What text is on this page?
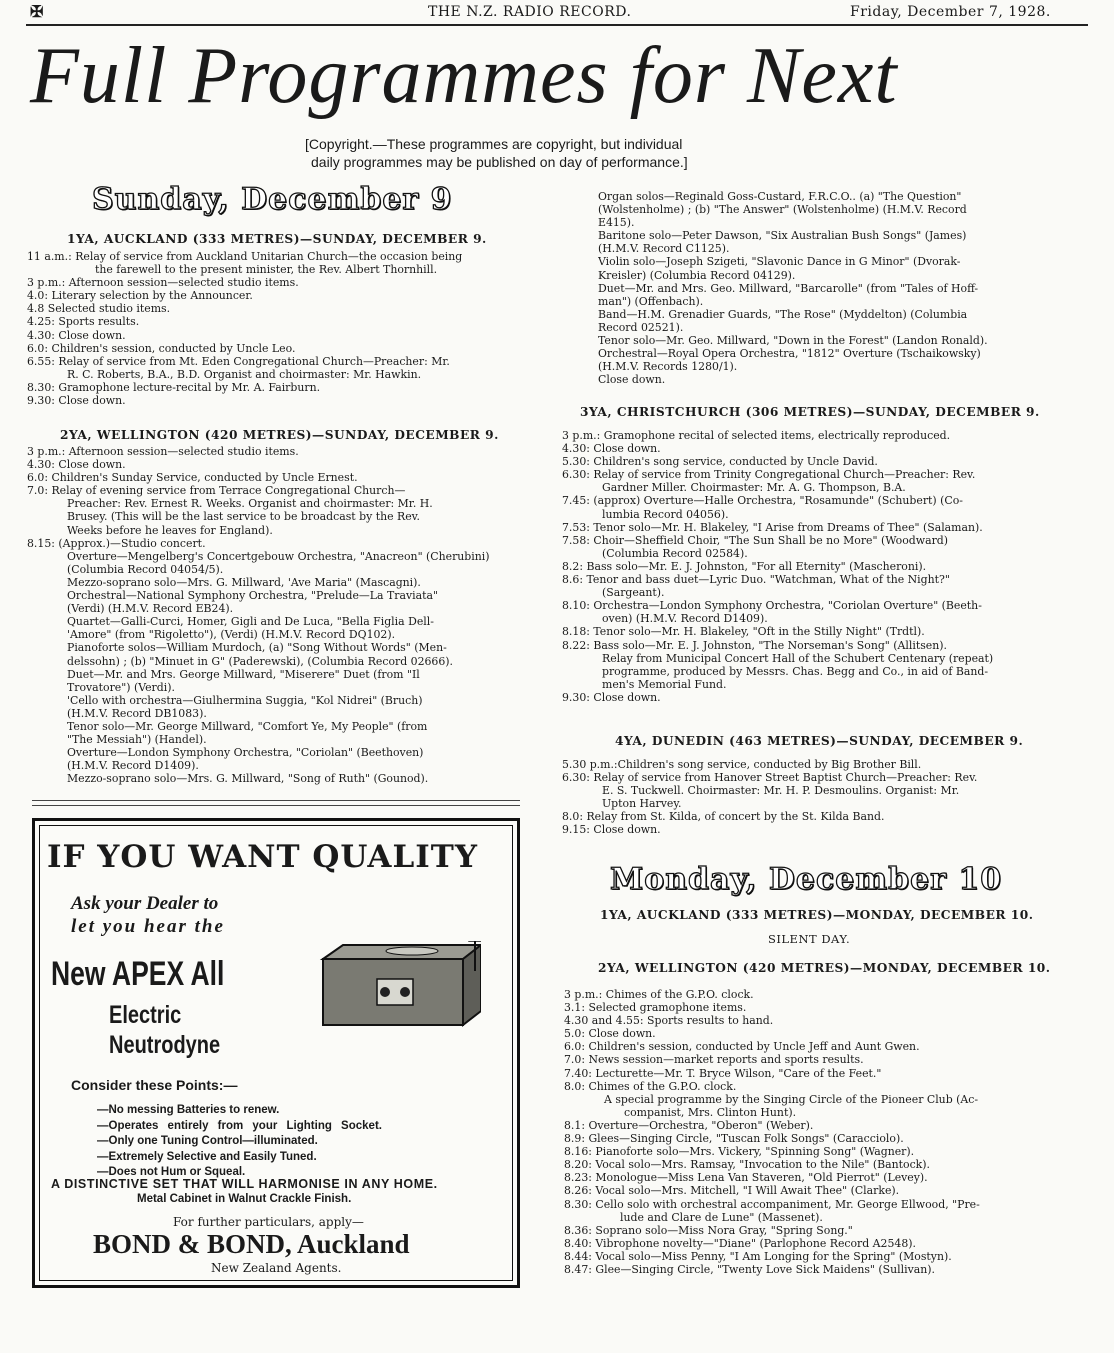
✠	THE N.Z. RADIO RECORD.	Friday, December 7, 1928.
Full Programmes for Next
[Copyright.—These programmes are copyright, but individual
daily programmes may be published on day of performance.]
Sunday, December 9
1YA, AUCKLAND (333 METRES)—SUNDAY, DECEMBER 9.
11 a.m.: Relay of service from Auckland Unitarian Church—the occasion being
the farewell to the present minister, the Rev. Albert Thornhill.
3 p.m.: Afternoon session—selected studio items.
4.0: Literary selection by the Announcer.
4.8 Selected studio items.
4.25: Sports results.
4.30: Close down.
6.0: Children's session, conducted by Uncle Leo.
6.55: Relay of service from Mt. Eden Congregational Church—Preacher: Mr.
R. C. Roberts, B.A., B.D. Organist and choirmaster: Mr. Hawkin.
8.30: Gramophone lecture-recital by Mr. A. Fairburn.
9.30: Close down.
2YA, WELLINGTON (420 METRES)—SUNDAY, DECEMBER 9.
3 p.m.: Afternoon session—selected studio items.
4.30: Close down.
6.0: Children's Sunday Service, conducted by Uncle Ernest.
7.0: Relay of evening service from Terrace Congregational Church—
Preacher: Rev. Ernest R. Weeks. Organist and choirmaster: Mr. H.
Brusey. (This will be the last service to be broadcast by the Rev.
Weeks before he leaves for England).
8.15: (Approx.)—Studio concert.
Overture—Mengelberg's Concertgebouw Orchestra, "Anacreon" (Cherubini) (Columbia Record 04054/5).
Mezzo-soprano solo—Mrs. G. Millward, 'Ave Maria" (Mascagni).
Orchestral—National Symphony Orchestra, "Prelude—La Traviata"
(Verdi) (H.M.V. Record EB24).
Quartet—Galli-Curci, Homer, Gigli and De Luca, "Bella Figlia Dell-
'Amore" (from "Rigoletto"), (Verdi) (H.M.V. Record DQ102).
Pianoforte solos—William Murdoch, (a) "Song Without Words" (Men-
delssohn) ; (b) "Minuet in G" (Paderewski), (Columbia Record 02666).
Duet—Mr. and Mrs. George Millward, "Miserere" Duet (from "Il
Trovatore") (Verdi).
'Cello with orchestra—Giulhermina Suggia, "Kol Nidrei" (Bruch)
(H.M.V. Record DB1083).
Tenor solo—Mr. George Millward, "Comfort Ye, My People" (from
"The Messiah") (Handel).
Overture—London Symphony Orchestra, "Coriolan" (Beethoven)
(H.M.V. Record D1409).
Mezzo-soprano solo—Mrs. G. Millward, "Song of Ruth" (Gounod).
IF YOU WANT QUALITY
Ask your Dealer to
let you hear the
New APEX All
Electric
Neutrodyne
Consider these Points:—
—No messing Batteries to renew.
—Operates entirely from your Lighting Socket.
—Only one Tuning Control—illuminated.
—Extremely Selective and Easily Tuned.
—Does not Hum or Squeal.
A DISTINCTIVE SET THAT WILL HARMONISE IN ANY HOME.
Metal Cabinet in Walnut Crackle Finish.
For further particulars, apply—
BOND & BOND, Auckland
New Zealand Agents.
Organ solos—Reginald Goss-Custard, F.R.C.O.. (a) "The Question"
(Wolstenholme) ; (b) "The Answer" (Wolstenholme) (H.M.V. Record
E415).
Baritone solo—Peter Dawson, "Six Australian Bush Songs" (James)
(H.M.V. Record C1125).
Violin solo—Joseph Szigeti, "Slavonic Dance in G Minor" (Dvorak-
Kreisler) (Columbia Record 04129).
Duet—Mr. and Mrs. Geo. Millward, "Barcarolle" (from "Tales of Hoff-
man") (Offenbach).
Band—H.M. Grenadier Guards, "The Rose" (Myddelton) (Columbia
Record 02521).
Tenor solo—Mr. Geo. Millward, "Down in the Forest" (Landon Ronald).
Orchestral—Royal Opera Orchestra, "1812" Overture (Tschaikowsky)
(H.M.V. Records 1280/1).
Close down.
3YA, CHRISTCHURCH (306 METRES)—SUNDAY, DECEMBER 9.
3 p.m.: Gramophone recital of selected items, electrically reproduced.
4.30: Close down.
5.30: Children's song service, conducted by Uncle David.
6.30: Relay of service from Trinity Congregational Church—Preacher: Rev.
Gardner Miller. Choirmaster: Mr. A. G. Thompson, B.A.
7.45: (approx) Overture—Halle Orchestra, "Rosamunde" (Schubert) (Co-
lumbia Record 04056).
7.53: Tenor solo—Mr. H. Blakeley, "I Arise from Dreams of Thee" (Salaman).
7.58: Choir—Sheffield Choir, "The Sun Shall be no More" (Woodward)
(Columbia Record 02584).
8.2: Bass solo—Mr. E. J. Johnston, "For all Eternity" (Mascheroni).
8.6: Tenor and bass duet—Lyric Duo. "Watchman, What of the Night?"
(Sargeant).
8.10: Orchestra—London Symphony Orchestra, "Coriolan Overture" (Beeth-
oven) (H.M.V. Record D1409).
8.18: Tenor solo—Mr. H. Blakeley, "Oft in the Stilly Night" (Trdtl).
8.22: Bass solo—Mr. E. J. Johnston, "The Norseman's Song" (Allitsen).
Relay from Municipal Concert Hall of the Schubert Centenary (repeat)
programme, produced by Messrs. Chas. Begg and Co., in aid of Band-
men's Memorial Fund.
9.30: Close down.
4YA, DUNEDIN (463 METRES)—SUNDAY, DECEMBER 9.
5.30 p.m.:Children's song service, conducted by Big Brother Bill.
6.30: Relay of service from Hanover Street Baptist Church—Preacher: Rev.
E. S. Tuckwell. Choirmaster: Mr. H. P. Desmoulins. Organist: Mr.
Upton Harvey.
8.0: Relay from St. Kilda, of concert by the St. Kilda Band.
9.15: Close down.
Monday, December 10
1YA, AUCKLAND (333 METRES)—MONDAY, DECEMBER 10.
SILENT DAY.
2YA, WELLINGTON (420 METRES)—MONDAY, DECEMBER 10.
3 p.m.: Chimes of the G.P.O. clock.
3.1: Selected gramophone items.
4.30 and 4.55: Sports results to hand.
5.0: Close down.
6.0: Children's session, conducted by Uncle Jeff and Aunt Gwen.
7.0: News session—market reports and sports results.
7.40: Lecturette—Mr. T. Bryce Wilson, "Care of the Feet."
8.0: Chimes of the G.P.O. clock.
A special programme by the Singing Circle of the Pioneer Club (Ac-
companist, Mrs. Clinton Hunt).
8.1: Overture—Orchestra, "Oberon" (Weber).
8.9: Glees—Singing Circle, "Tuscan Folk Songs" (Caracciolo).
8.16: Pianoforte solo—Mrs. Vickery, "Spinning Song" (Wagner).
8.20: Vocal solo—Mrs. Ramsay, "Invocation to the Nile" (Bantock).
8.23: Monologue—Miss Lena Van Staveren, "Old Pierrot" (Levey).
8.26: Vocal solo—Mrs. Mitchell, "I Will Await Thee" (Clarke).
8.30: Cello solo with orchestral accompaniment, Mr. George Ellwood, "Pre-
lude and Clare de Lune" (Massenet).
8.36: Soprano solo—Miss Nora Gray, "Spring Song."
8.40: Vibrophone novelty—"Diane" (Parlophone Record A2548).
8.44: Vocal solo—Miss Penny, "I Am Longing for the Spring" (Mostyn).
8.47: Glee—Singing Circle, "Twenty Love Sick Maidens" (Sullivan).
